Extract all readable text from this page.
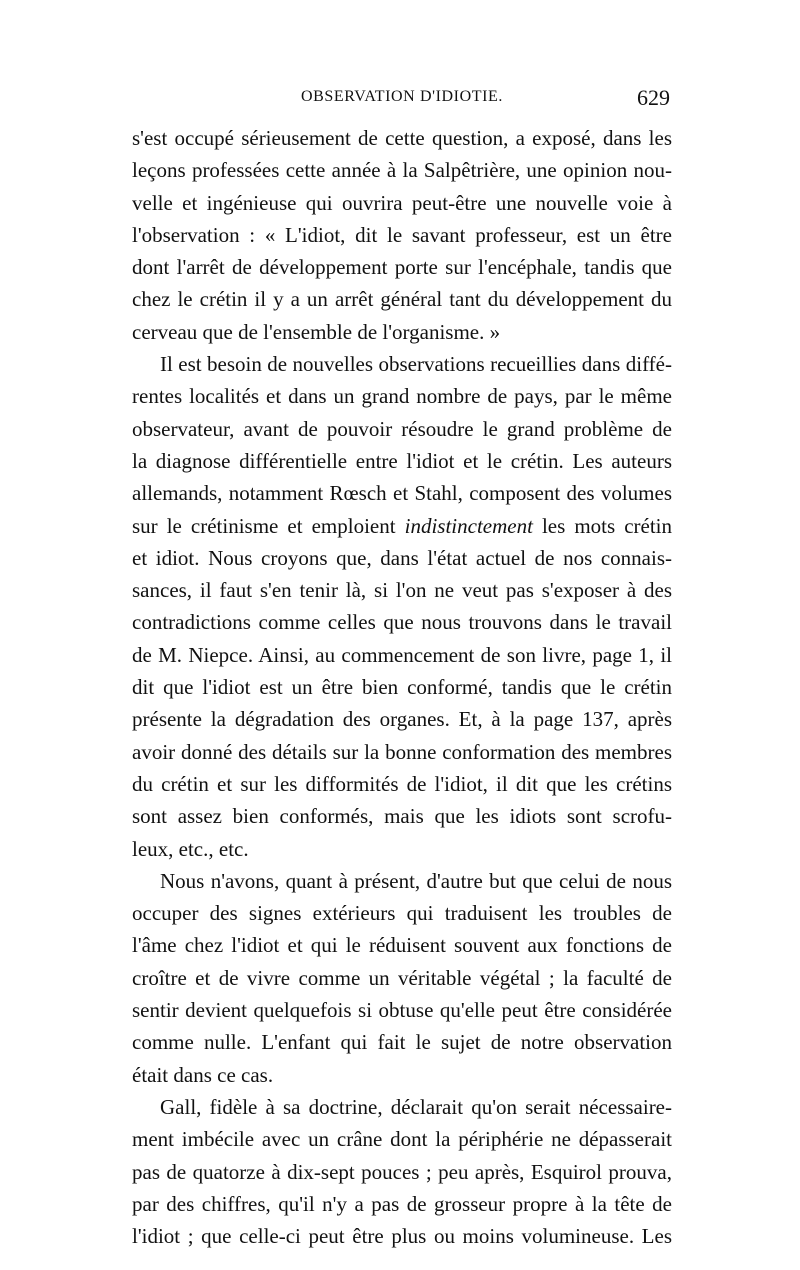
OBSERVATION D'IDIOTIE.	629
s'est occupé sérieusement de cette question, a exposé, dans les
leçons professées cette année à la Salpêtrière, une opinion nou-
velle et ingénieuse qui ouvrira peut-être une nouvelle voie à
l'observation : « L'idiot, dit le savant professeur, est un être
dont l'arrêt de développement porte sur l'encéphale, tandis que
chez le crétin il y a un arrêt général tant du développement du
cerveau que de l'ensemble de l'organisme. »
Il est besoin de nouvelles observations recueillies dans diffé-
rentes localités et dans un grand nombre de pays, par le même
observateur, avant de pouvoir résoudre le grand problème de
la diagnose différentielle entre l'idiot et le crétin. Les auteurs
allemands, notamment Rœsch et Stahl, composent des volumes
sur le crétinisme et emploient indistinctement les mots crétin
et idiot. Nous croyons que, dans l'état actuel de nos connais-
sances, il faut s'en tenir là, si l'on ne veut pas s'exposer à des
contradictions comme celles que nous trouvons dans le travail
de M. Niepce. Ainsi, au commencement de son livre, page 1, il
dit que l'idiot est un être bien conformé, tandis que le crétin
présente la dégradation des organes. Et, à la page 137, après
avoir donné des détails sur la bonne conformation des membres
du crétin et sur les difformités de l'idiot, il dit que les crétins
sont assez bien conformés, mais que les idiots sont scrofu-
leux, etc., etc.
Nous n'avons, quant à présent, d'autre but que celui de nous
occuper des signes extérieurs qui traduisent les troubles de
l'âme chez l'idiot et qui le réduisent souvent aux fonctions de
croître et de vivre comme un véritable végétal ; la faculté de
sentir devient quelquefois si obtuse qu'elle peut être considérée
comme nulle. L'enfant qui fait le sujet de notre observation
était dans ce cas.
Gall, fidèle à sa doctrine, déclarait qu'on serait nécessaire-
ment imbécile avec un crâne dont la périphérie ne dépasserait
pas de quatorze à dix-sept pouces ; peu après, Esquirol prouva,
par des chiffres, qu'il n'y a pas de grosseur propre à la tête de
l'idiot ; que celle-ci peut être plus ou moins volumineuse. Les
